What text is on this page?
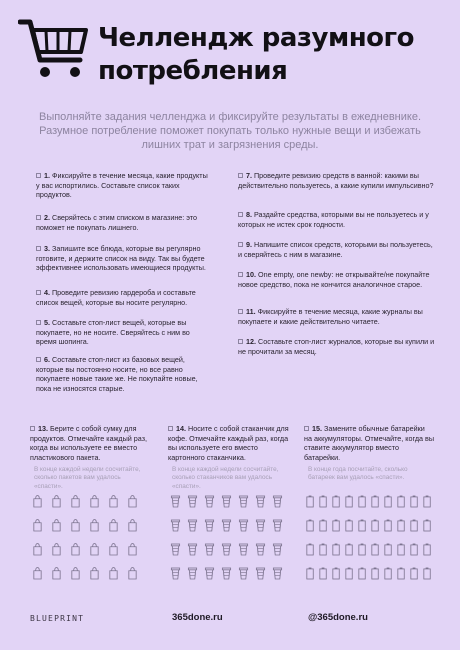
Челлендж разумного потребления
Выполняйте задания челленджа и фиксируйте результаты в ежедневнике. Разумное потребление поможет покупать только нужные вещи и избежать лишних трат и загрязнения среды.
1. Фиксируйте в течение месяца, какие продукты у вас испортились. Составьте список таких продуктов.
2. Сверяйтесь с этим списком в магазине: это поможет не покупать лишнего.
3. Запишите все блюда, которые вы регулярно готовите, и держите список на виду. Так вы будете эффективнее использовать имеющиеся продукты.
4. Проведите ревизию гардероба и составьте список вещей, которые вы носите регулярно.
5. Составьте стоп-лист вещей, которые вы покупаете, но не носите. Сверяйтесь с ним во время шопинга.
6. Составьте стоп-лист из базовых вещей, которые вы постоянно носите, но все равно покупаете новые такие же. Не покупайте новые, пока не износятся старые.
7. Проведите ревизию средств в ванной: какими вы действительно пользуетесь, а какие купили импульсивно?
8. Раздайте средства, которыми вы не пользуетесь и у которых не истек срок годности.
9. Напишите список средств, которыми вы пользуетесь, и сверяйтесь с ним в магазине.
10. One empty, one newby: не открывайте/не покупайте новое средство, пока не кончится аналогичное старое.
11. Фиксируйте в течение месяца, какие журналы вы покупаете и какие действительно читаете.
12. Составьте стоп-лист журналов, которые вы купили и не прочитали за месяц.
13. Берите с собой сумку для продуктов. Отмечайте каждый раз, когда вы используете ее вместо пластикового пакета.
В конце каждой недели сосчитайте, сколько пакетов вам удалось «спасти».
14. Носите с собой стаканчик для кофе. Отмечайте каждый раз, когда вы используете его вместо картонного стаканчика.
В конце каждой недели сосчитайте, сколько стаканчиков вам удалось «спасти».
15. Замените обычные батарейки на аккумуляторы. Отмечайте, когда вы ставите аккумулятор вместо батарейки.
В конце года посчитайте, сколько батареек вам удалось «спасти».
BLUEPRINT	365done.ru	@365done.ru
